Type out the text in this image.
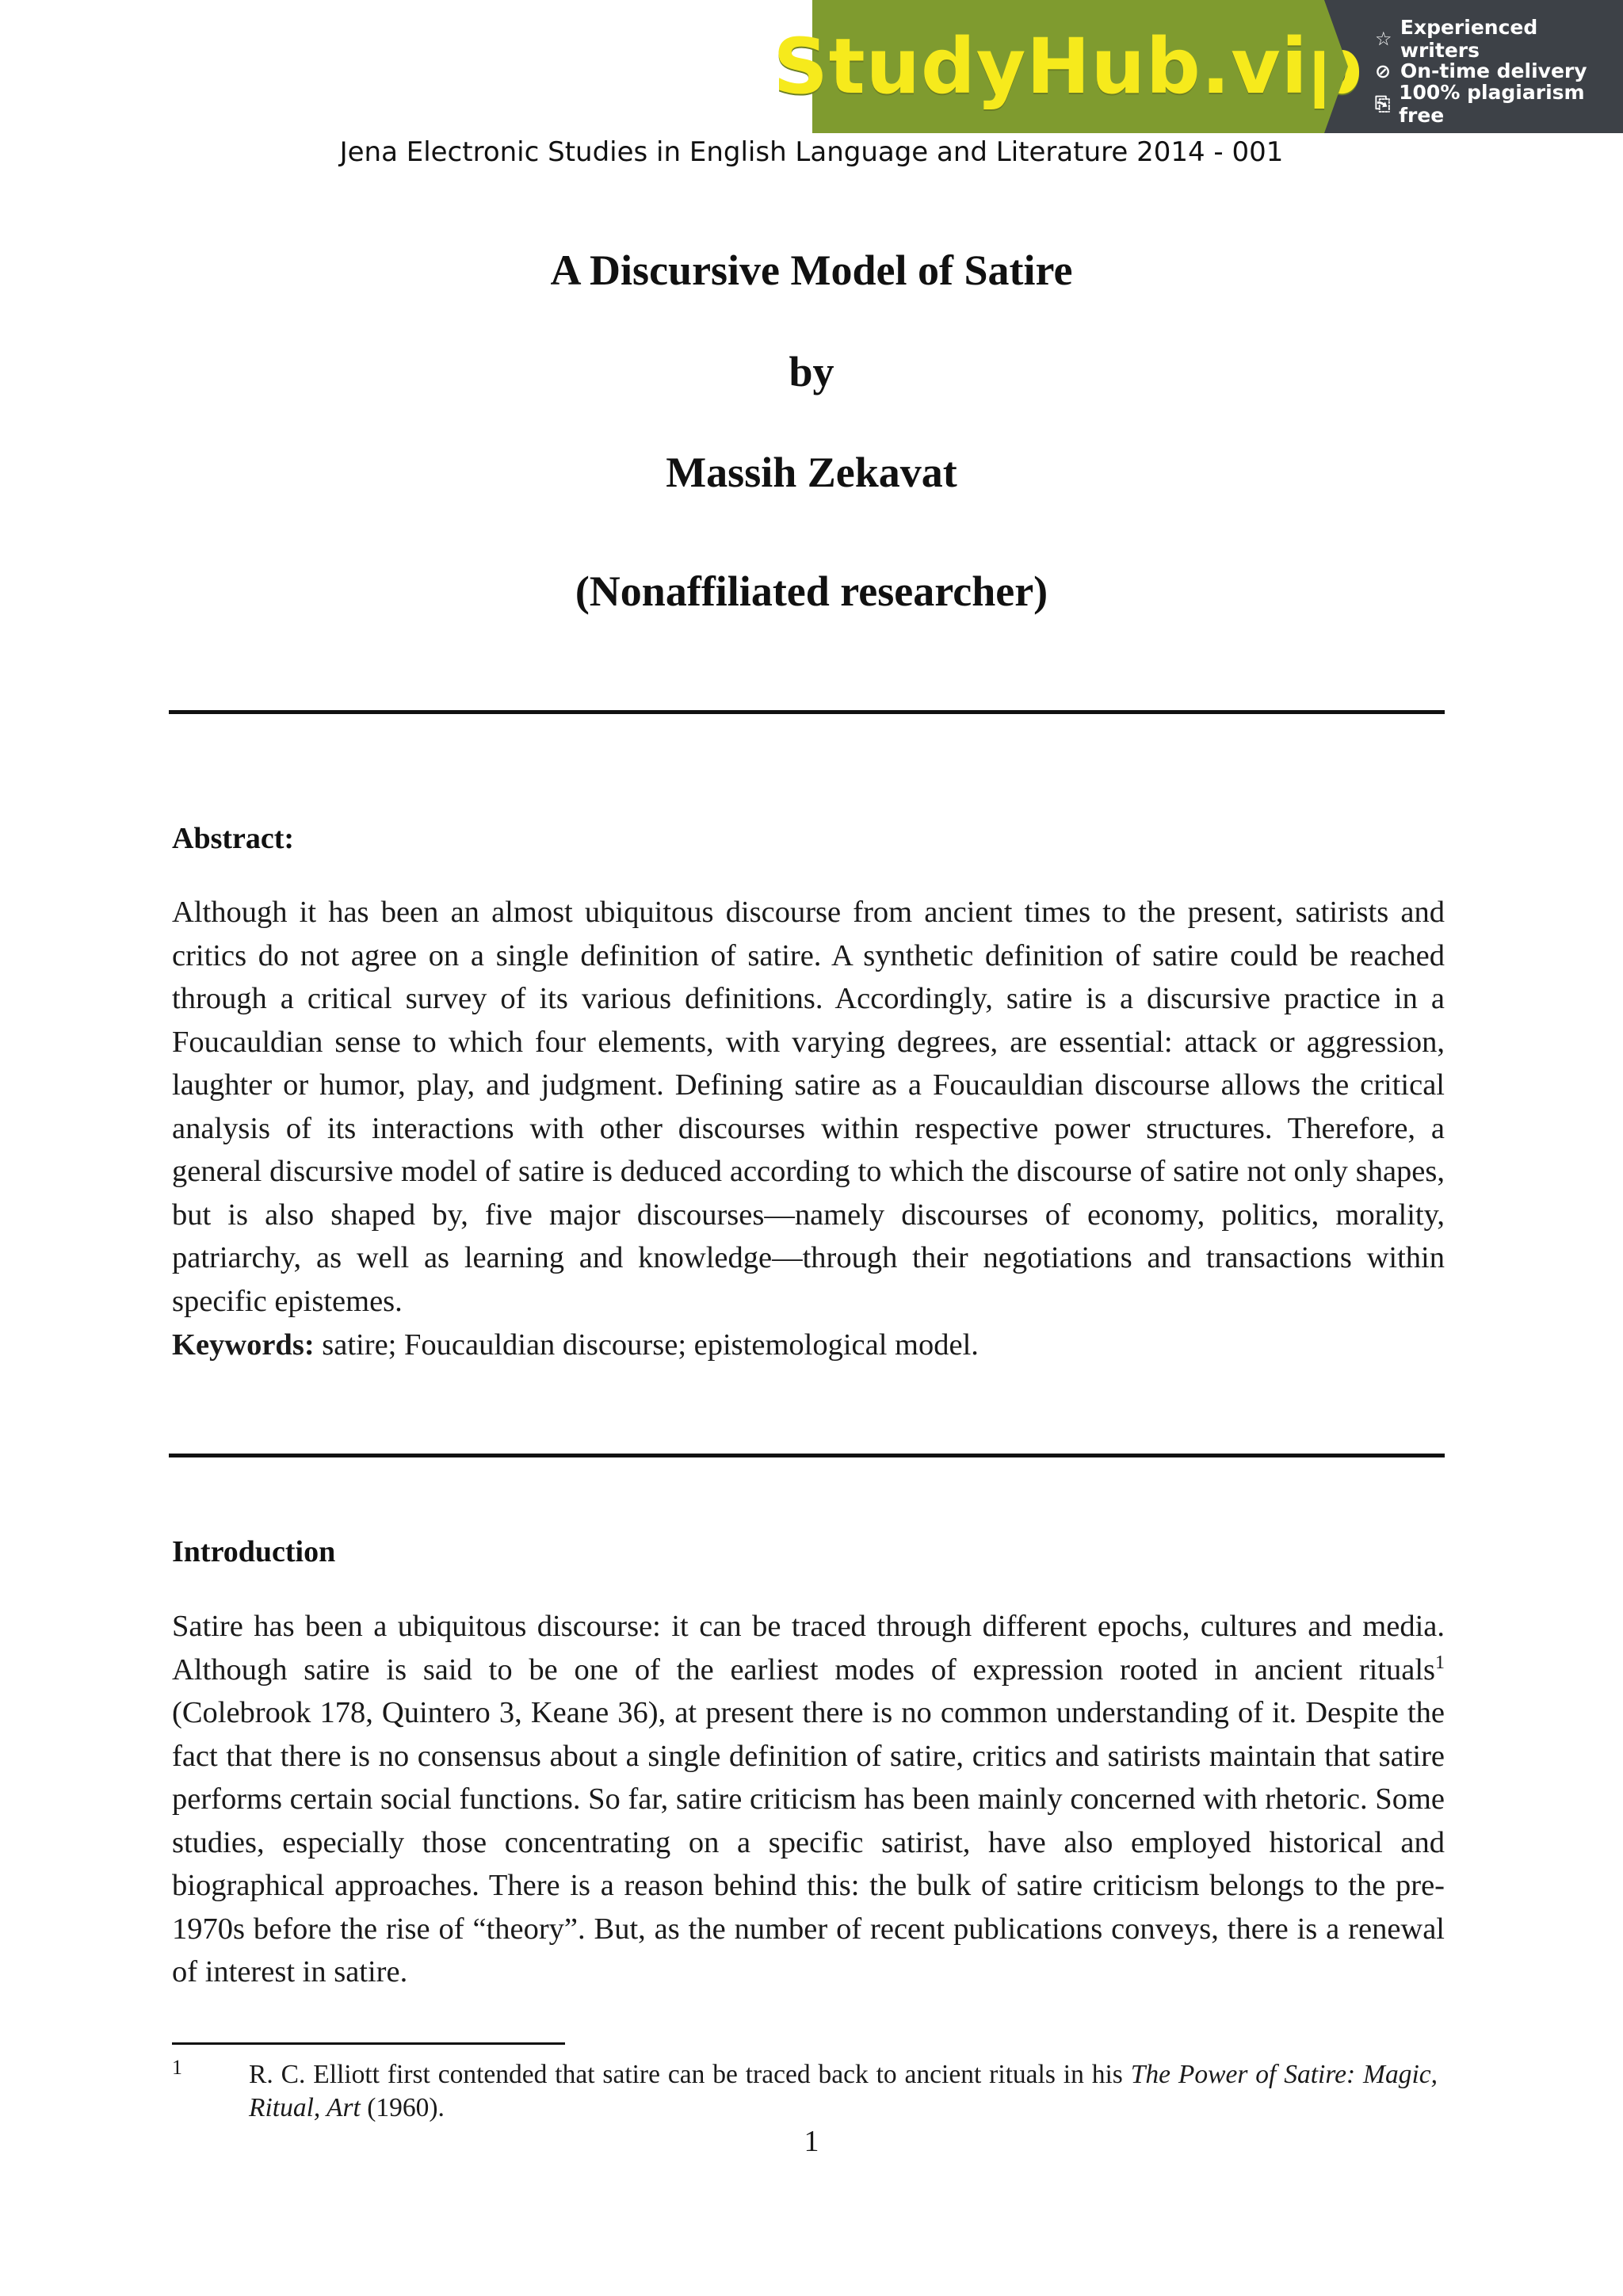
StudyHub.vip ☆ Experienced writers
⊘ On-time delivery
⎘ 100% plagiarism free
Jena Electronic Studies in English Language and Literature 2014 - 001
A Discursive Model of Satire
by
Massih Zekavat
(Nonaffiliated researcher)
Abstract:
Although it has been an almost ubiquitous discourse from ancient times to the present, satirists and critics do not agree on a single definition of satire. A synthetic definition of satire could be reached through a critical survey of its various definitions. Accordingly, satire is a discursive practice in a Foucauldian sense to which four elements, with varying degrees, are essential: attack or aggression, laughter or humor, play, and judgment. Defining satire as a Foucauldian discourse allows the critical analysis of its interactions with other discourses within respective power structures. Therefore, a general discursive model of satire is deduced according to which the discourse of satire not only shapes, but is also shaped by, five major discourses—namely discourses of economy, politics, morality, patriarchy, as well as learning and knowledge—through their negotiations and transactions within specific epistemes.
Keywords: satire; Foucauldian discourse; epistemological model.
Introduction
Satire has been a ubiquitous discourse: it can be traced through different epochs, cultures and media. Although satire is said to be one of the earliest modes of expression rooted in ancient rituals$^1$ (Colebrook 178, Quintero 3, Keane 36), at present there is no common understanding of it. Despite the fact that there is no consensus about a single definition of satire, critics and satirists maintain that satire performs certain social functions. So far, satire criticism has been mainly concerned with rhetoric. Some studies, especially those concentrating on a specific satirist, have also employed historical and biographical approaches. There is a reason behind this: the bulk of satire criticism belongs to the pre-1970s before the rise of “theory”. But, as the number of recent publications conveys, there is a renewal of interest in satire.
1	R. C. Elliott first contended that satire can be traced back to ancient rituals in his The Power of Satire: Magic, Ritual, Art (1960).
1
